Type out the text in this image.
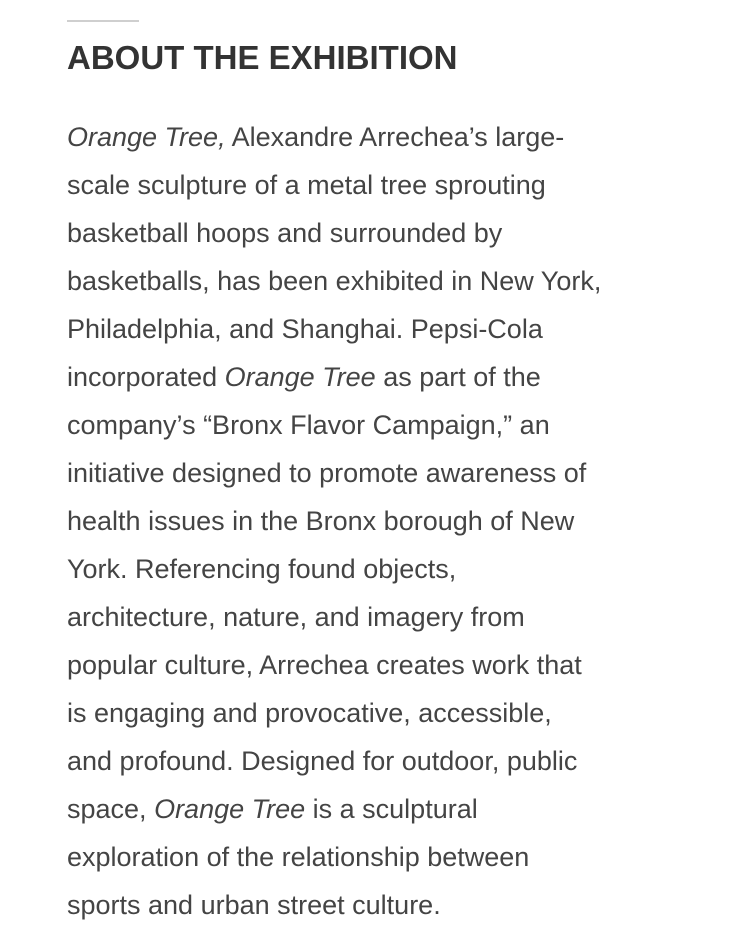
ABOUT THE EXHIBITION

Orange Tree, Alexandre Arrechea’s large-
scale sculpture of a metal tree sprouting
basketball hoops and surrounded by
basketballs, has been exhibited in New York,
Philadelphia, and Shanghai. Pepsi-Cola
incorporated Orange Tree as part of the
company’s “Bronx Flavor Campaign,” an
initiative designed to promote awareness of
health issues in the Bronx borough of New
York. Referencing found objects,
architecture, nature, and imagery from
popular culture, Arrechea creates work that
is engaging and provocative, accessible,
and profound. Designed for outdoor, public
space, Orange Tree is a sculptural
exploration of the relationship between
sports and urban street culture.
